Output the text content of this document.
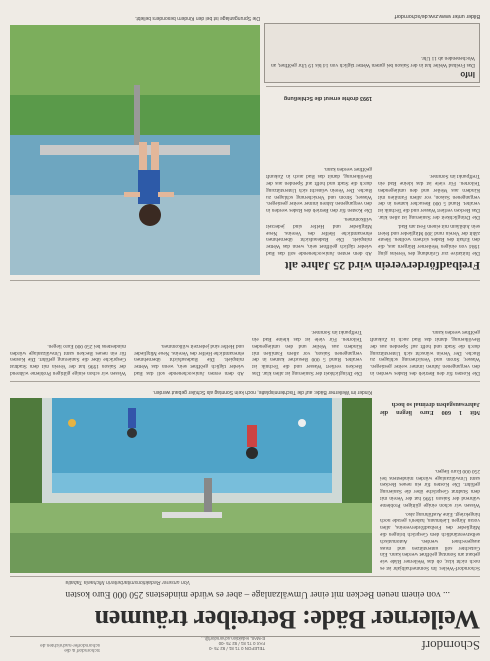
Schorndorf
TELEFON 0 71 81 / 92 75 -0
FAX 0 71 81 / 92 75 -00
E-MAIL redaktion.schorndorf@...
Schorndorf & die
schorndorfer-nachrichten.de
Weilerner Bäde: Betreiber träumen
... von einem neuen Becken mit einer Umwälzanlage – aber es würde mindestens 250 000 Euro kosten
Von unserer Redaktionsmitarbeiterin Michaela Tabatia

Schorndorf-Weiler. Im Sommerhalbjahr ist es noch nicht klar, ob das Weilerner Bäde wie gebaut am Sonntag geöffnet werden kann. Ein Gutachter soll unterstützen und muss ausgerechnet werden. Automatisch selbstverständlich dem Gespräch bringen die Mitglieder des Freibadfördervereins, allen voran Jürgen Liebmann, haben's gerade noch hingekriegt. Eine Ausführung also.

Wissen wir schon einige gültigen Probleme während der Saison 1996 hat der Verein mit dem Stadtrat Gespräche über die Sanierung geführt. Die Kosten für ein neues Becken samt Umwälzanlage würden mindestens bei 250 000 Euro liegen.

Kinder im Weilerner Bäde: auf die Tischtennisplatte, noch kein Sonntag als Schüler gebaut werden.
Mit 1 600 Euro liegen die Jahresausgaben dreimal so hoch

Die Kosten für den Betrieb des Bades werden in den vergangenen Jahren immer weiter gestiegen. Wasser, Strom und Versicherung schlagen zu Buche. Der Verein wünscht sich Unterstützung durch die Stadt und hofft auf Spenden aus der Bevölkerung, damit das Bad auch in Zukunft geöffnet werden kann.

Die Dringlichkeit der Sanierung ist allen klar. Das Becken verliert Wasser und die Technik ist veraltet. Rund 5 000 Besucher kamen in der vergangenen Saison, vor allem Familien mit Kindern aus Weiler und den umliegenden Teilorten. Für viele ist das kleine Bad ein Treffpunkt im Sommer.

Ab dem ersten Juniwochenende soll das Bad wieder täglich geöffnet sein, wenn das Wetter mitspielt. Die Badeaufsicht übernehmen ehrenamtliche Helfer des Vereins. Neue Mitglieder und Helfer sind jederzeit willkommen.

Wissen wir schon einige gültigen Probleme während der Saison 1996 hat der Verein mit dem Stadtrat Gespräche über die Sanierung geführt. Die Kosten für ein neues Becken samt Umwälzanlage würden mindestens bei 250 000 Euro liegen.

Die Sprunganlage ist bei den Kindern besonders beliebt.
Freibadförderverein wird 25 Jahre alt

Die Initiative zur Gründung des Vereins ging 1984 von einigen Weilerner Bürgern aus, die den Erhalt des Bades sichern wollten. Heute zählt der Verein rund 300 Mitglieder und feiert sein Jubiläum mit einem Fest am Bad.

Die Dringlichkeit der Sanierung ist allen klar. Das Becken verliert Wasser und die Technik ist veraltet. Rund 5 000 Besucher kamen in der vergangenen Saison, vor allem Familien mit Kindern aus Weiler und den umliegenden Teilorten. Für viele ist das kleine Bad ein Treffpunkt im Sommer.

Ab dem ersten Juniwochenende soll das Bad wieder täglich geöffnet sein, wenn das Wetter mitspielt. Die Badeaufsicht übernehmen ehrenamtliche Helfer des Vereins. Neue Mitglieder und Helfer sind jederzeit willkommen.

Die Kosten für den Betrieb des Bades werden in den vergangenen Jahren immer weiter gestiegen. Wasser, Strom und Versicherung schlagen zu Buche. Der Verein wünscht sich Unterstützung durch die Stadt und hofft auf Spenden aus der Bevölkerung, damit das Bad auch in Zukunft geöffnet werden kann.

1993 drohte erneut die Schließung
Info
Das Freibad Weiler hat in der Saison bei gutem Wetter täglich von 14 bis 19 Uhr geöffnet, an Wochenenden ab 11 Uhr.
Bilder unter www.zvw.de/schorndorf
